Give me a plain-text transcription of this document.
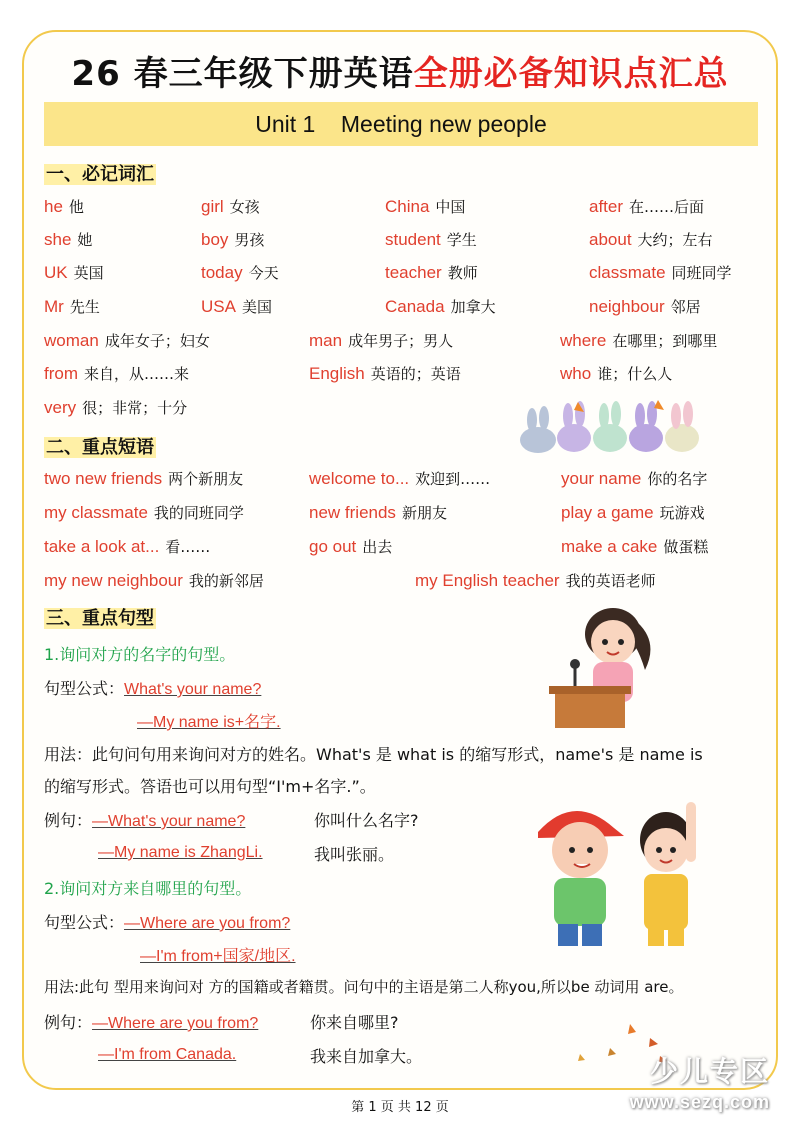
26 春三年级下册英语全册必备知识点汇总
Unit 1    Meeting new people
一、必记词汇
he 他	girl 女孩	China 中国	after 在……后面
she 她	boy 男孩	student 学生	about 大约；左右
UK 英国	today 今天	teacher 教师	classmate 同班同学
Mr 先生	USA 美国	Canada 加拿大	neighbour 邻居
woman 成年女子；妇女	man 成年男子；男人	where 在哪里；到哪里
from 来自，从……来	English 英语的；英语	who 谁；什么人
very 很；非常；十分
二、重点短语
two new friends 两个新朋友	welcome to... 欢迎到……	your name 你的名字
my classmate 我的同班同学	new friends 新朋友	play a game 玩游戏
take a look at... 看……	go out 出去	make a cake 做蛋糕
my new neighbour 我的新邻居	my English teacher 我的英语老师
三、重点句型
1.询问对方的名字的句型。
句型公式：What's your name?
—My name is+名字.
用法：此句问句用来询问对方的姓名。What's 是 what is 的缩写形式，name's 是 name is
的缩写形式。答语也可以用句型“I'm+名字.”。
例句：—What's your name?	你叫什么名字?
—My name is ZhangLi.	我叫张丽。
2.询问对方来自哪里的句型。
句型公式：—Where are you from?
—I'm from+国家/地区.
用法:此句 型用来询问对 方的国籍或者籍贯。问句中的主语是第二人称you,所以be 动词用 are。
例句：—Where are you from?	你来自哪里?
—I'm from Canada.	我来自加拿大。
第 1 页 共 12 页
少儿专区
www.sezq.com
